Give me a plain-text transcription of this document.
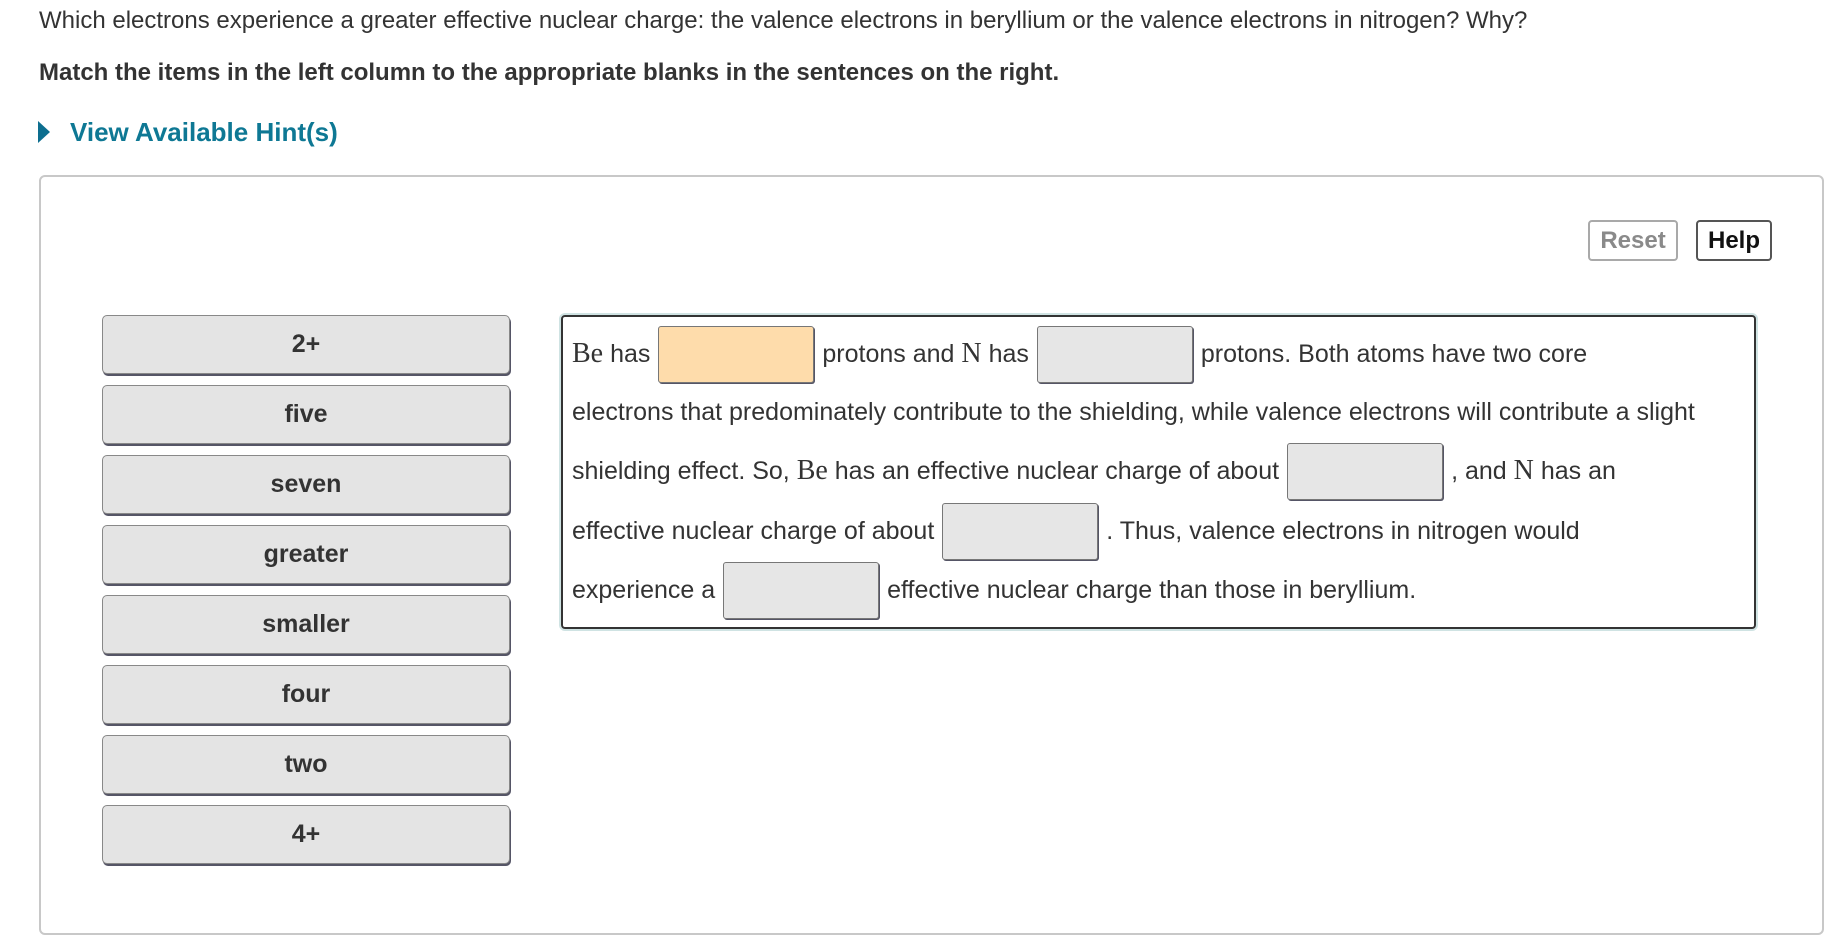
Which electrons experience a greater effective nuclear charge: the valence electrons in beryllium or the valence electrons in nitrogen? Why?
Match the items in the left column to the appropriate blanks in the sentences on the right.
View Available Hint(s)
Reset	Help
2+
five
seven
greater
smaller
four
two
4+
Be
has	protons and
N
has	protons. Both atoms have two core
electrons that predominately contribute to the shielding, while valence electrons will contribute a slight
shielding effect. So,
Be
has an effective nuclear charge of about	, and
N
has an
effective nuclear charge of about	. Thus, valence electrons in nitrogen would
experience a	effective nuclear charge than those in beryllium.
